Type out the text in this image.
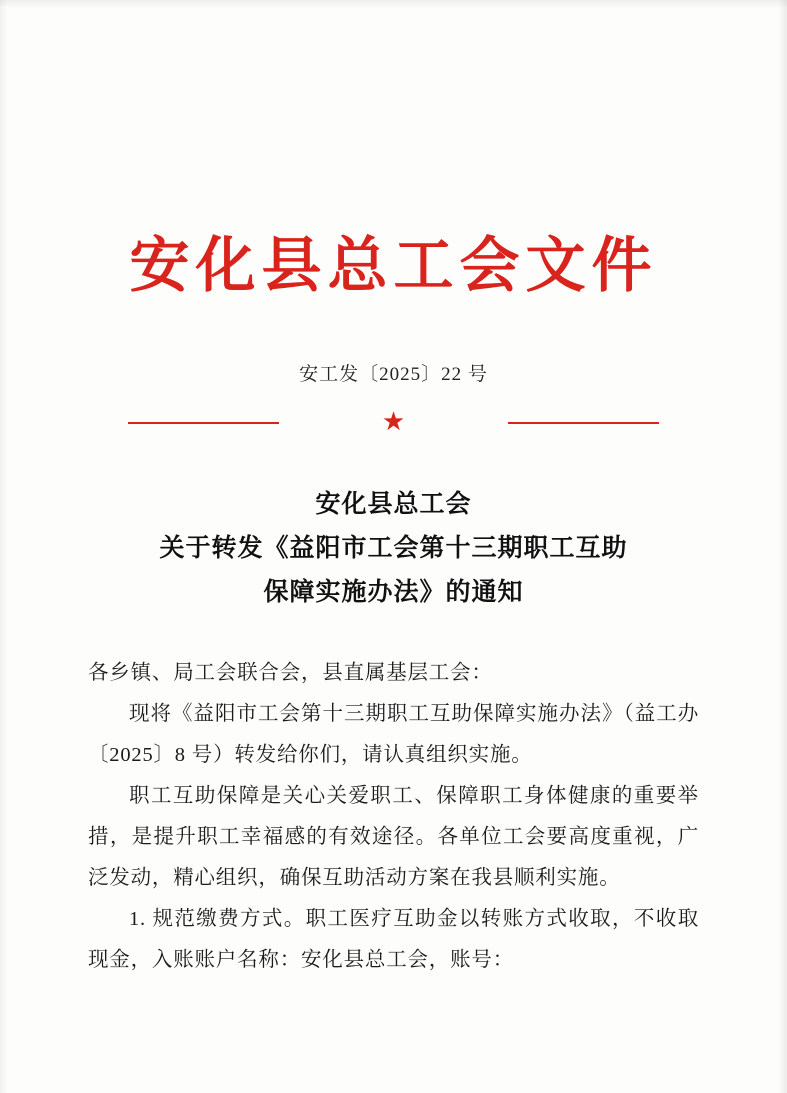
安化县总工会文件
安工发〔2025〕22 号
★
安化县总工会
关于转发《益阳市工会第十三期职工互助
保障实施办法》的通知

各乡镇、局工会联合会，县直属基层工会：

现将《益阳市工会第十三期职工互助保障实施办法》（益工办〔2025〕8 号）转发给你们，请认真组织实施。

职工互助保障是关心关爱职工、保障职工身体健康的重要举措，是提升职工幸福感的有效途径。各单位工会要高度重视，广泛发动，精心组织，确保互助活动方案在我县顺利实施。

1. 规范缴费方式。职工医疗互助金以转账方式收取，不收取现金，入账账户名称：安化县总工会，账号：
